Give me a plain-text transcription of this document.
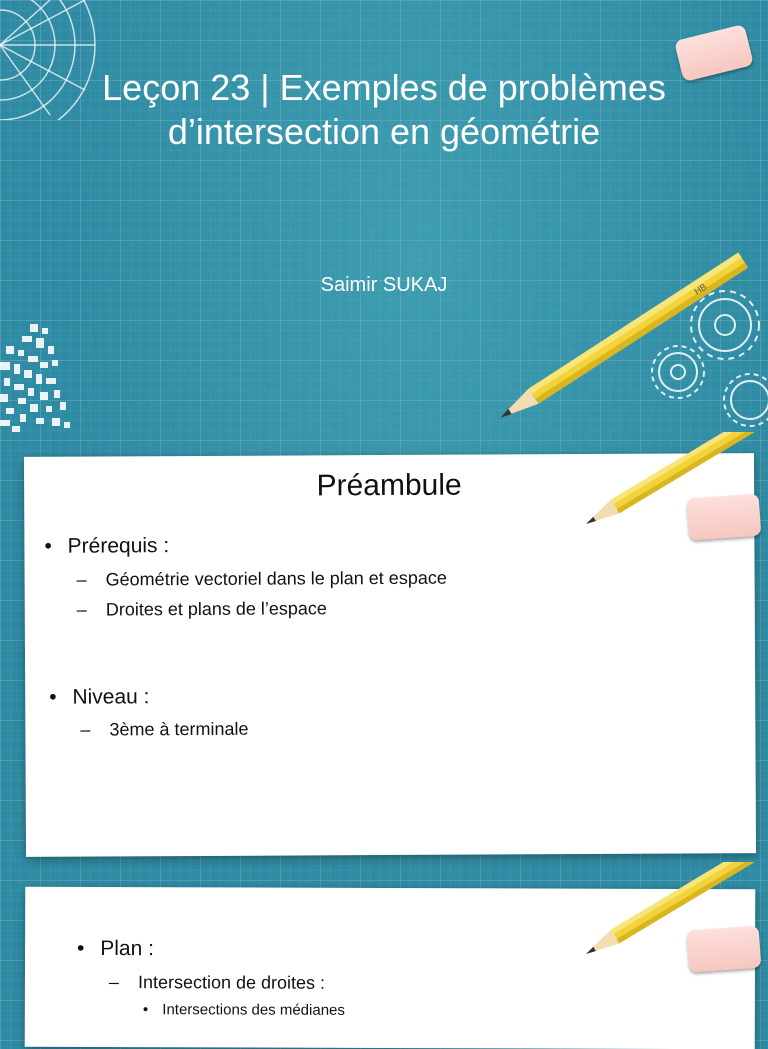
HB
Leçon 23 | Exemples de problèmes d’intersection en géométrie
Saimir SUKAJ
Préambule
• Prérequis :
– Géométrie vectoriel dans le plan et espace
– Droites et plans de l’espace
• Niveau :
– 3ème à terminale
• Plan :
– Intersection de droites :
• Intersections des médianes
